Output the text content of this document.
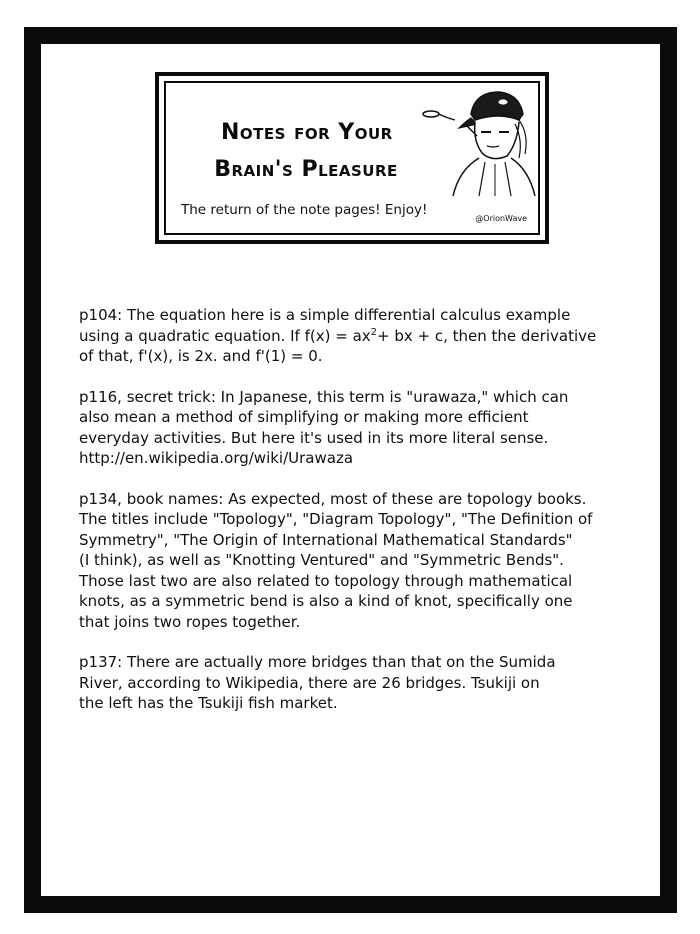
Notes for Your
Brain's Pleasure
The return of the note pages! Enjoy!
@OrionWave
p104: The equation here is a simple differential calculus example
using a quadratic equation. If $f(x) = ax^2+$ bx + c, then the derivative
of that, f'(x), is 2x. and f'(1) = 0.
p116, secret trick: In Japanese, this term is "urawaza," which can
also mean a method of simplifying or making more efficient
everyday activities. But here it's used in its more literal sense.
http://en.wikipedia.org/wiki/Urawaza
p134, book names: As expected, most of these are topology books.
The titles include "Topology", "Diagram Topology", "The Definition of
Symmetry", "The Origin of International Mathematical Standards"
(I think), as well as "Knotting Ventured" and "Symmetric Bends".
Those last two are also related to topology through mathematical
knots, as a symmetric bend is also a kind of knot, specifically one
that joins two ropes together.
p137: There are actually more bridges than that on the Sumida
River, according to Wikipedia, there are 26 bridges. Tsukiji on
the left has the Tsukiji fish market.
